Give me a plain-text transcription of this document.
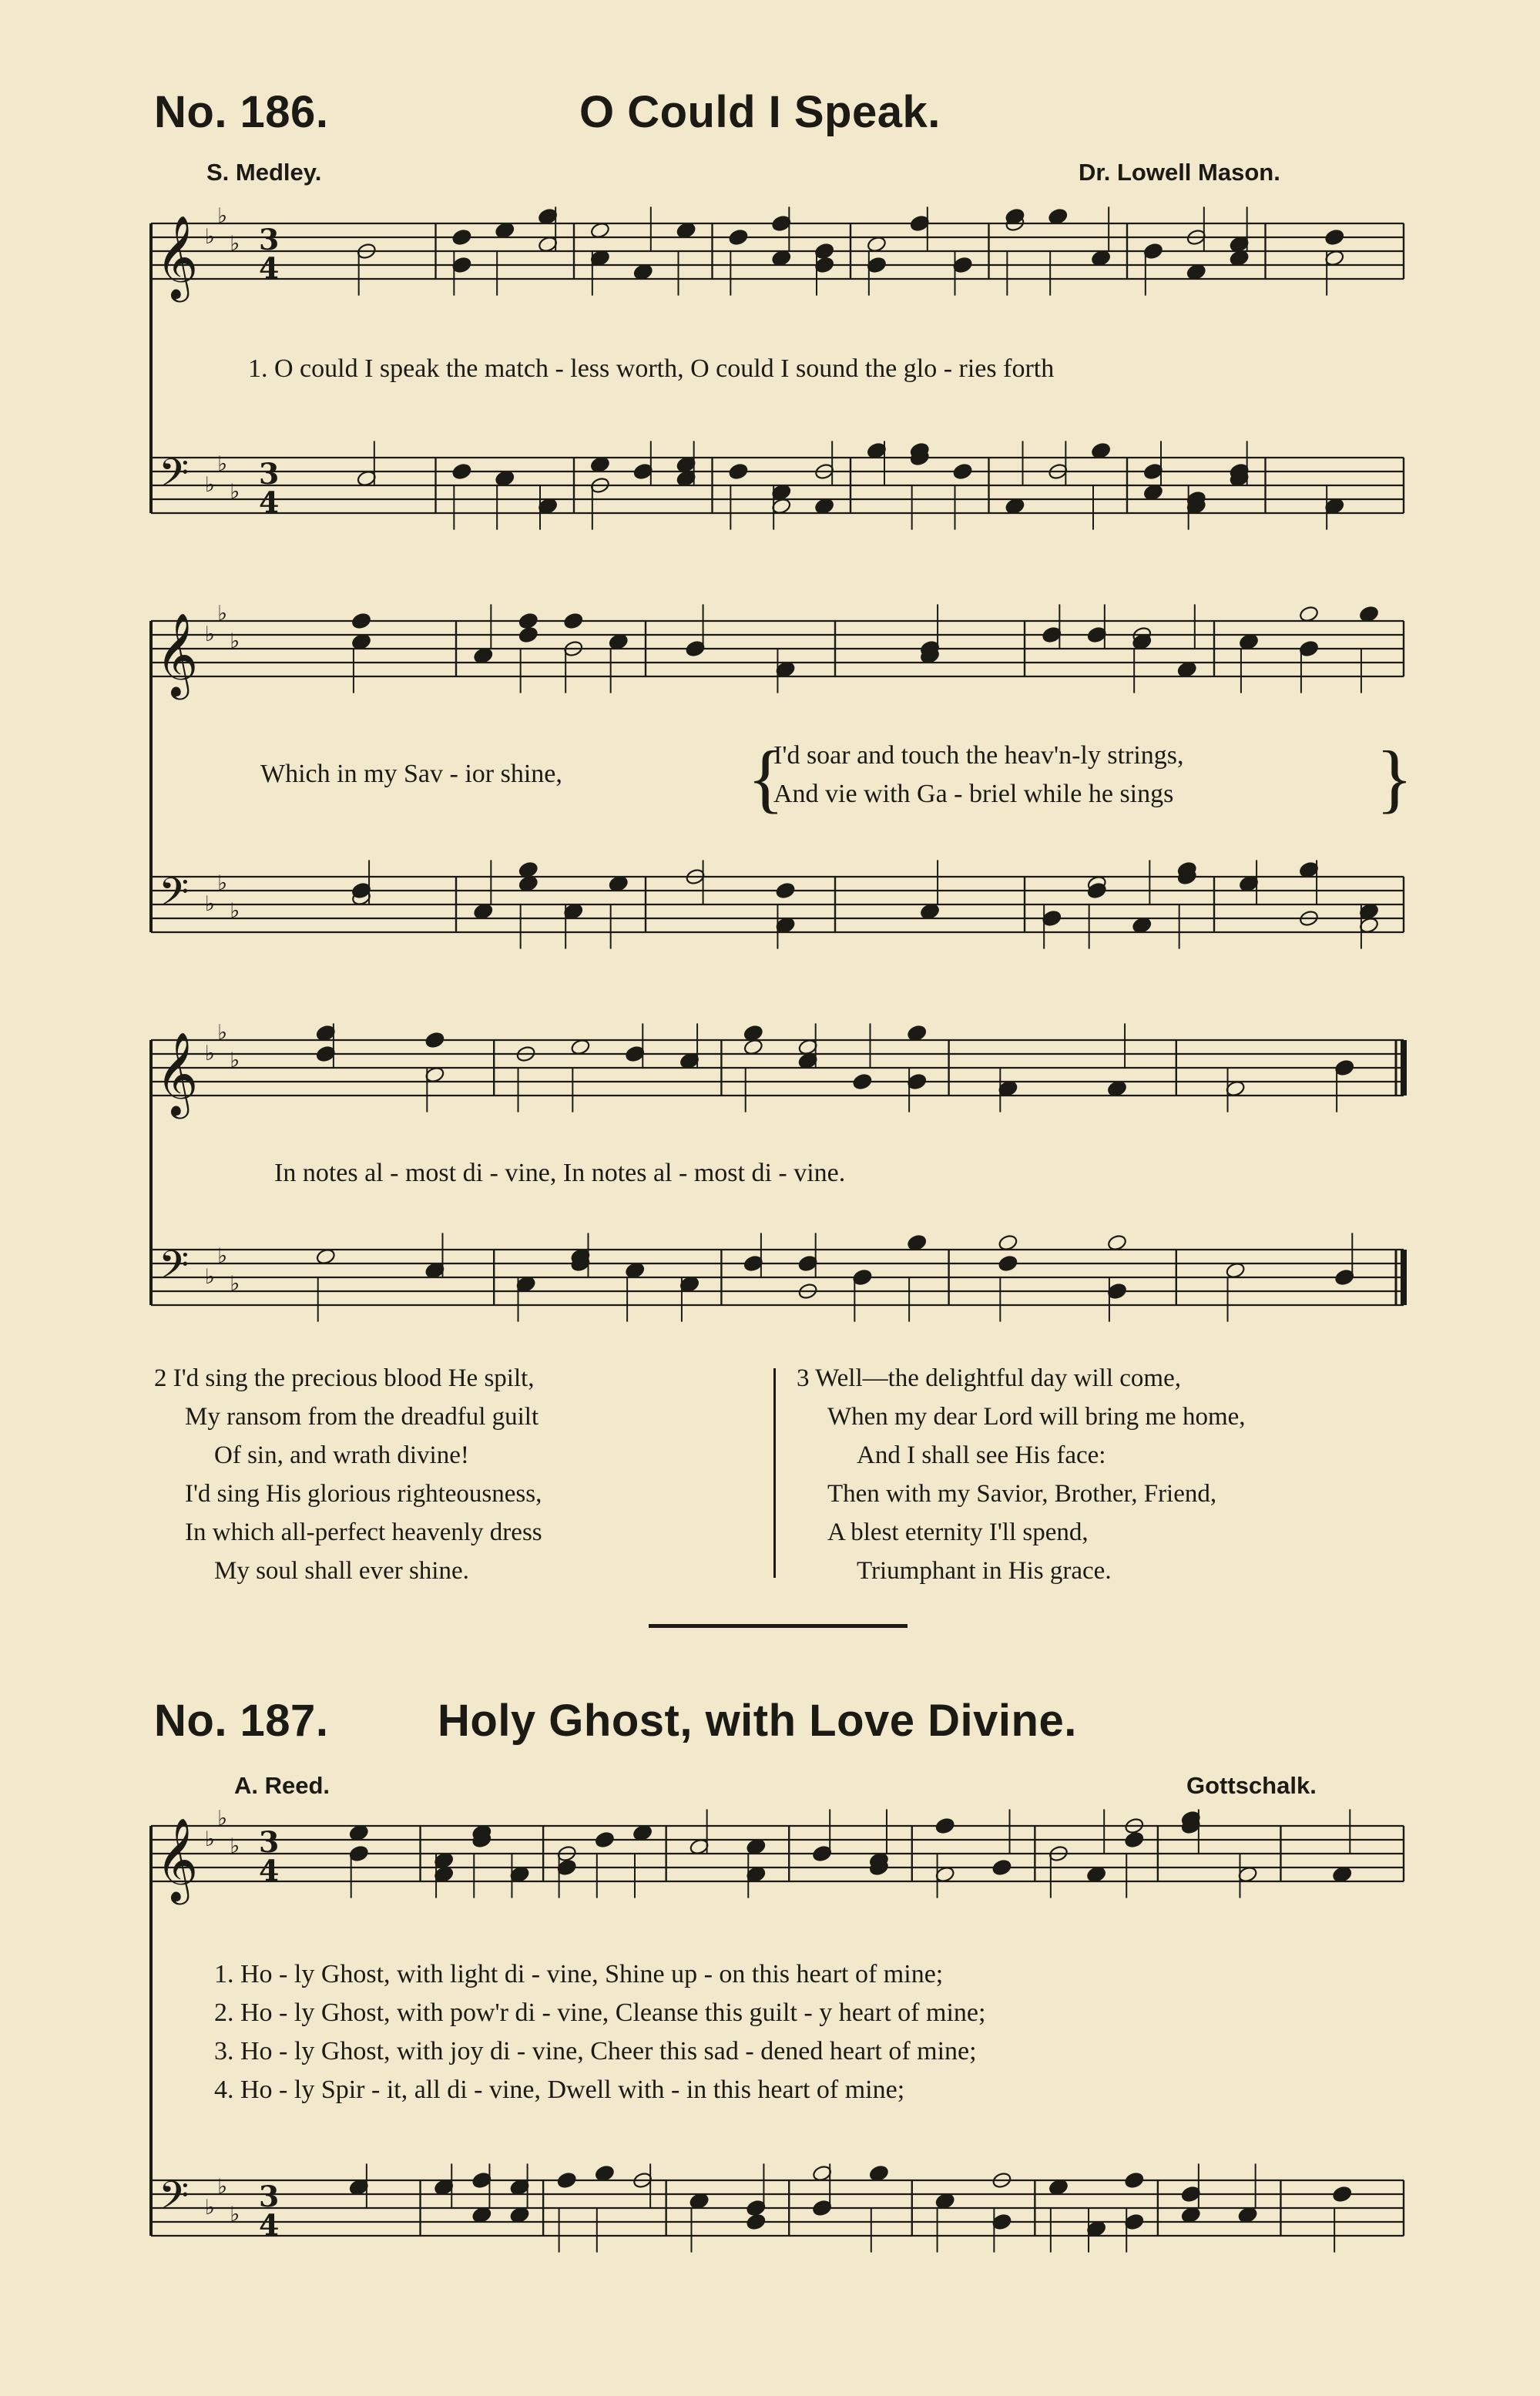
No. 186.	O Could I Speak.
S. Medley.	Dr. Lowell Mason.
𝄞
𝄢
♭
♭
♭
♭
♭
♭
3
4
3
4
𝄞
𝄢
♭
♭
♭
♭
♭
♭
𝄞
𝄢
♭
♭
♭
♭
♭
♭
𝄞
𝄢
♭
♭
♭
♭
♭
♭
3
4
3
4
1. O could I speak the match - less worth, O could I sound the glo - ries forth
Which in my Sav - ior shine, {
I'd soar and touch the heav'n-ly strings,
And vie with Ga - briel while he sings	}
In notes al - most di - vine, In notes al - most di - vine.
2 I'd sing the precious blood He spilt,
My ransom from the dreadful guilt
Of sin, and wrath divine!
I'd sing His glorious righteousness,
In which all-perfect heavenly dress
My soul shall ever shine.
3 Well—the delightful day will come,
When my dear Lord will bring me home,
And I shall see His face:
Then with my Savior, Brother, Friend,
A blest eternity I'll spend,
Triumphant in His grace.
No. 187. Holy Ghost, with Love Divine.
A. Reed.	Gottschalk.
1. Ho - ly Ghost, with light di - vine, Shine up - on this heart of mine;
2. Ho - ly Ghost, with pow'r di - vine, Cleanse this guilt - y heart of mine;
3. Ho - ly Ghost, with joy di - vine, Cheer this sad - dened heart of mine;
4. Ho - ly Spir - it, all di - vine, Dwell with - in this heart of mine;
